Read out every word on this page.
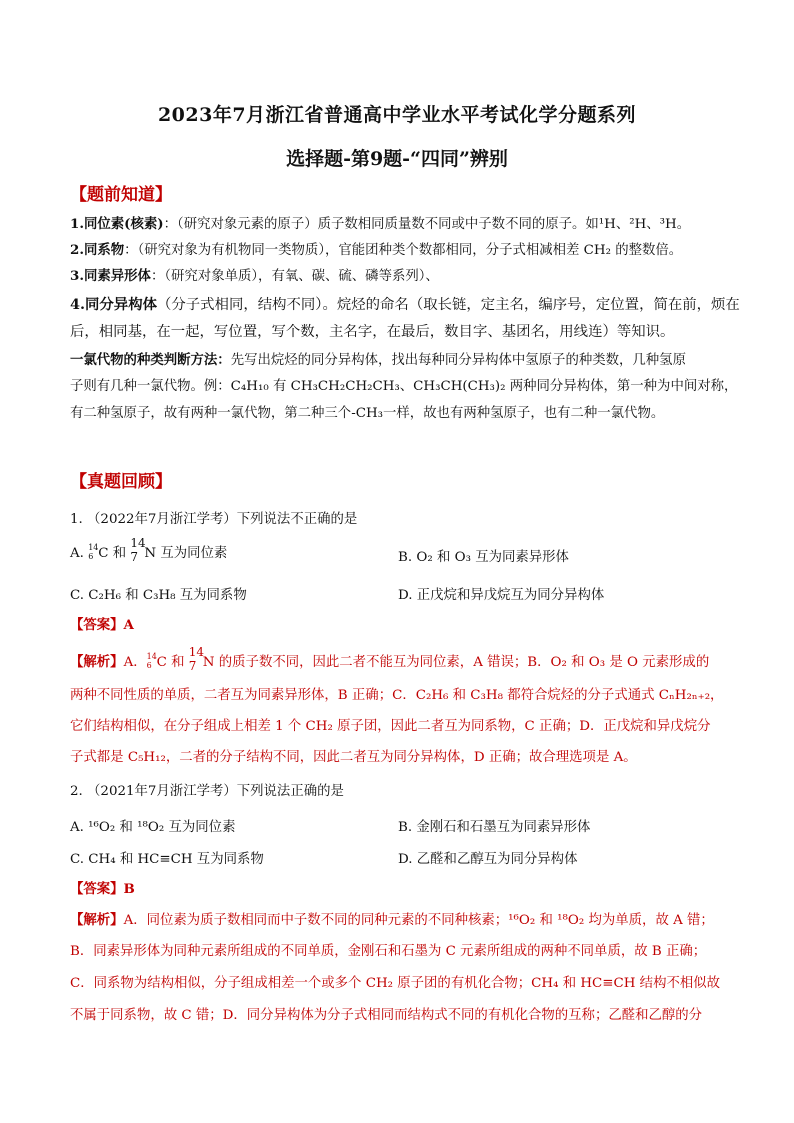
2023年7月浙江省普通高中学业水平考试化学分题系列
选择题-第9题-“四同”辨别
【题前知道】
1.同位素(核素)：（研究对象元素的原子）质子数相同质量数不同或中子数不同的原子。如¹H、²H、³H。
2.同系物：（研究对象为有机物同一类物质），官能团种类个数都相同，分子式相减相差 CH₂ 的整数倍。
3.同素异形体：（研究对象单质），有氧、碳、硫、磷等系列）、
4.同分异构体（分子式相同，结构不同）。烷烃的命名（取长链，定主名，编序号，定位置，简在前，烦在
后，相同基，在一起，写位置，写个数，主名字，在最后，数目字、基团名，用线连）等知识。
一氯代物的种类判断方法：先写出烷烃的同分异构体，找出每种同分异构体中氢原子的种类数，几种氢原
子则有几种一氯代物。例：C₄H₁₀ 有 CH₃CH₂CH₂CH₃、CH₃CH(CH₃)₂ 两种同分异构体，第一种为中间对称，
有二种氢原子，故有两种一氯代物，第二种三个-CH₃一样，故也有两种氢原子，也有二种一氯代物。
【真题回顾】
1. （2022年7月浙江学考）下列说法不正确的是
A. 14
6 C 和
14
7 N 互为同位素	B. O₂ 和 O₃ 互为同素异形体
C. C₂H₆ 和 C₃H₈ 互为同系物	D. 正戊烷和异戊烷互为同分异构体
【答案】A
【解析】A． 14
6 C 和
14
7 N 的质子数不同，因此二者不能互为同位素，A 错误；B．O₂ 和 O₃ 是 O 元素形成的
两种不同性质的单质，二者互为同素异形体，B 正确；C．C₂H₆ 和 C₃H₈ 都符合烷烃的分子式通式 CₙH₂ₙ₊₂，
它们结构相似，在分子组成上相差 1 个 CH₂ 原子团，因此二者互为同系物，C 正确；D．正戊烷和异戊烷分
子式都是 C₅H₁₂，二者的分子结构不同，因此二者互为同分异构体，D 正确；故合理选项是 A。
2. （2021年7月浙江学考）下列说法正确的是
A. ¹⁶O₂ 和 ¹⁸O₂ 互为同位素	B. 金刚石和石墨互为同素异形体
C. CH₄ 和 HC≡CH 互为同系物	D. 乙醛和乙醇互为同分异构体
【答案】B
【解析】A．同位素为质子数相同而中子数不同的同种元素的不同种核素；¹⁶O₂ 和 ¹⁸O₂ 均为单质，故 A 错；
B．同素异形体为同种元素所组成的不同单质，金刚石和石墨为 C 元素所组成的两种不同单质，故 B 正确；
C．同系物为结构相似，分子组成相差一个或多个 CH₂ 原子团的有机化合物；CH₄ 和 HC≡CH 结构不相似故
不属于同系物，故 C 错；D．同分异构体为分子式相同而结构式不同的有机化合物的互称；乙醛和乙醇的分
